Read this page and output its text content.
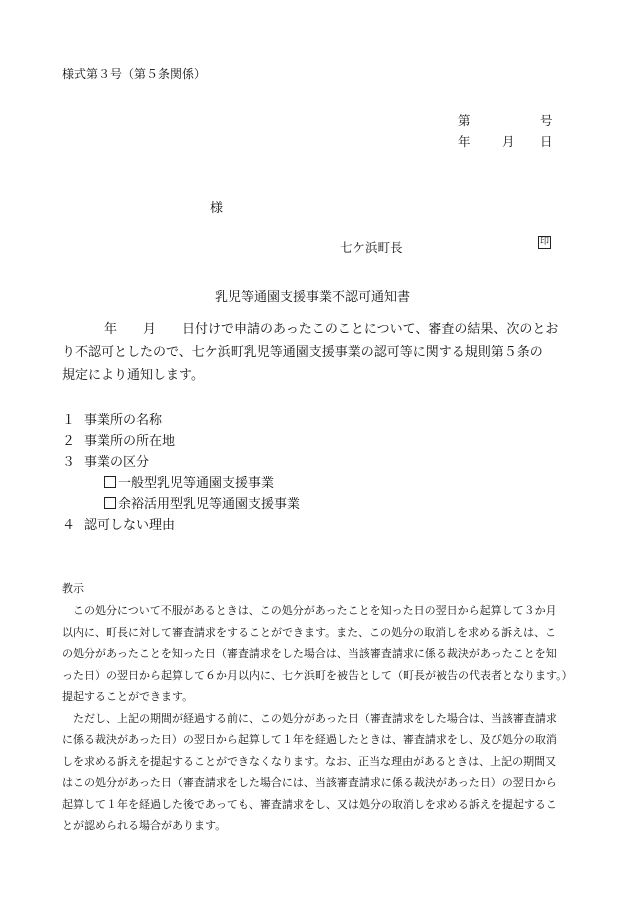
様式第３号（第５条関係）
第	号
年	月 日
様
七ケ浜町長	印
乳児等通園支援事業不認可通知書
年 月 日付けで申請のあったこのことについて、審査の結果、次のとお
り不認可としたので、七ケ浜町乳児等通園支援事業の認可等に関する規則第５条の
規定により通知します。
１ 事業所の名称
２ 事業所の所在地
３ 事業の区分
一般型乳児等通園支援事業
余裕活用型乳児等通園支援事業
４ 認可しない理由
教示
　この処分について不服があるときは、この処分があったことを知った日の翌日から起算して３か月
以内に、町長に対して審査請求をすることができます。また、この処分の取消しを求める訴えは、こ
の処分があったことを知った日（審査請求をした場合は、当該審査請求に係る裁決があったことを知
った日）の翌日から起算して６か月以内に、七ケ浜町を被告として（町長が被告の代表者となります。）
提起することができます。
　ただし、上記の期間が経過する前に、この処分があった日（審査請求をした場合は、当該審査請求
に係る裁決があった日）の翌日から起算して１年を経過したときは、審査請求をし、及び処分の取消
しを求める訴えを提起することができなくなります。なお、正当な理由があるときは、上記の期間又
はこの処分があった日（審査請求をした場合には、当該審査請求に係る裁決があった日）の翌日から
起算して１年を経過した後であっても、審査請求をし、又は処分の取消しを求める訴えを提起するこ
とが認められる場合があります。
